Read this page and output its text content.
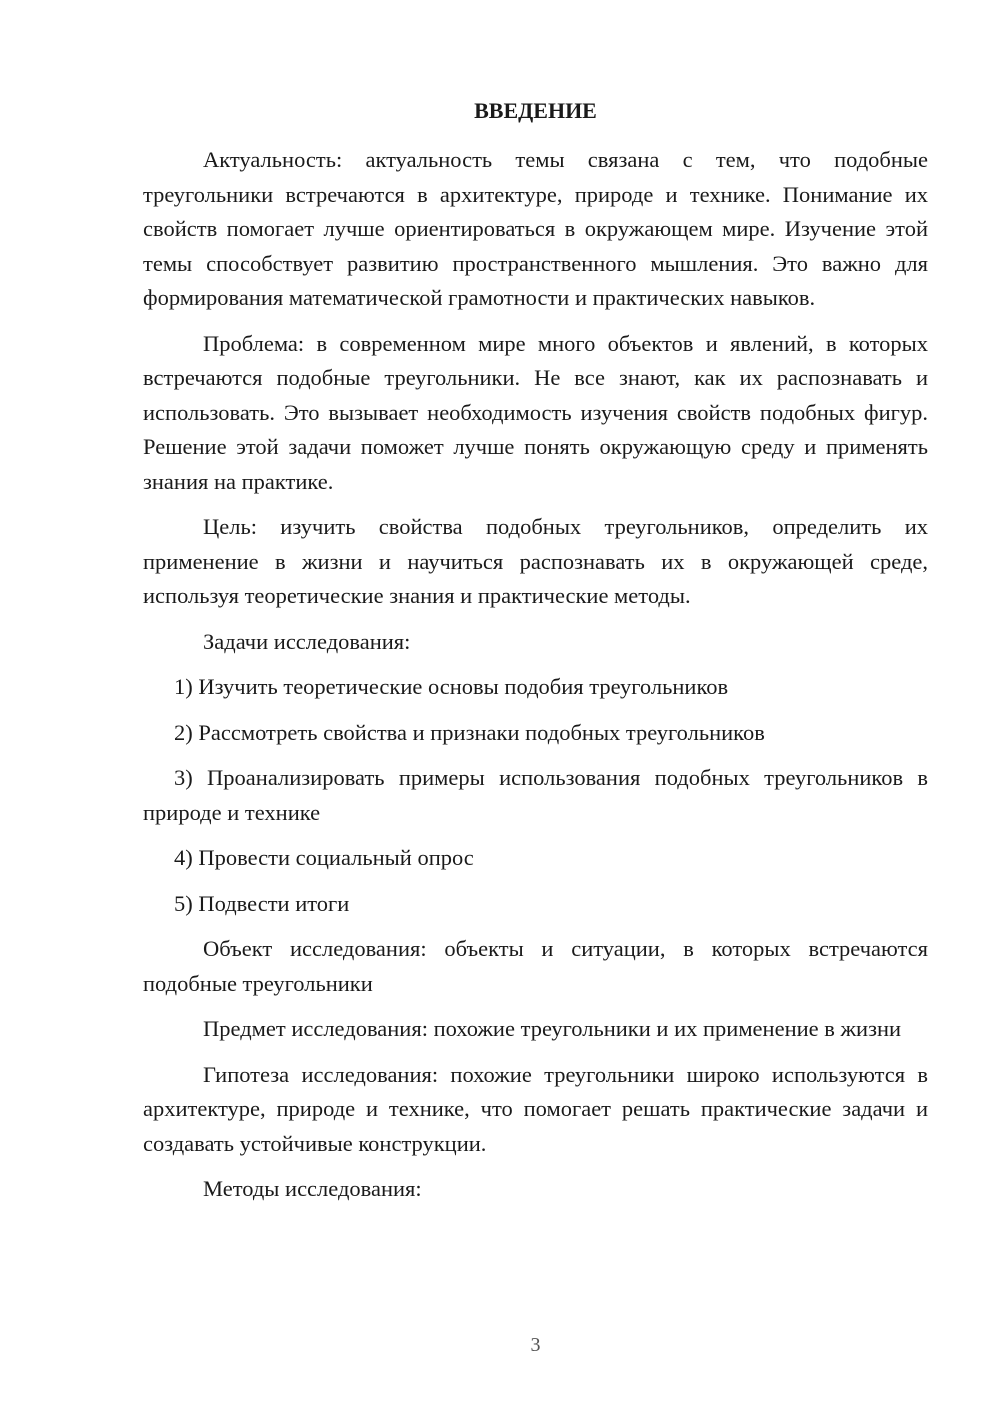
ВВЕДЕНИЕ

Актуальность: актуальность темы связана с тем, что подобные треугольники встречаются в архитектуре, природе и технике. Понимание их свойств помогает лучше ориентироваться в окружающем мире. Изучение этой темы способствует развитию пространственного мышления. Это важно для формирования математической грамотности и практических навыков.

Проблема: в современном мире много объектов и явлений, в которых встречаются подобные треугольники. Не все знают, как их распознавать и использовать. Это вызывает необходимость изучения свойств подобных фигур. Решение этой задачи поможет лучше понять окружающую среду и применять знания на практике.

Цель: изучить свойства подобных треугольников, определить их применение в жизни и научиться распознавать их в окружающей среде, используя теоретические знания и практические методы.

Задачи исследования:

1) Изучить теоретические основы подобия треугольников

2) Рассмотреть свойства и признаки подобных треугольников

3) Проанализировать примеры использования подобных треугольников в природе и технике

4) Провести социальный опрос

5) Подвести итоги

Объект исследования: объекты и ситуации, в которых встречаются подобные треугольники

Предмет исследования: похожие треугольники и их применение в жизни

Гипотеза исследования: похожие треугольники широко используются в архитектуре, природе и технике, что помогает решать практические задачи и создавать устойчивые конструкции.

Методы исследования:

3
